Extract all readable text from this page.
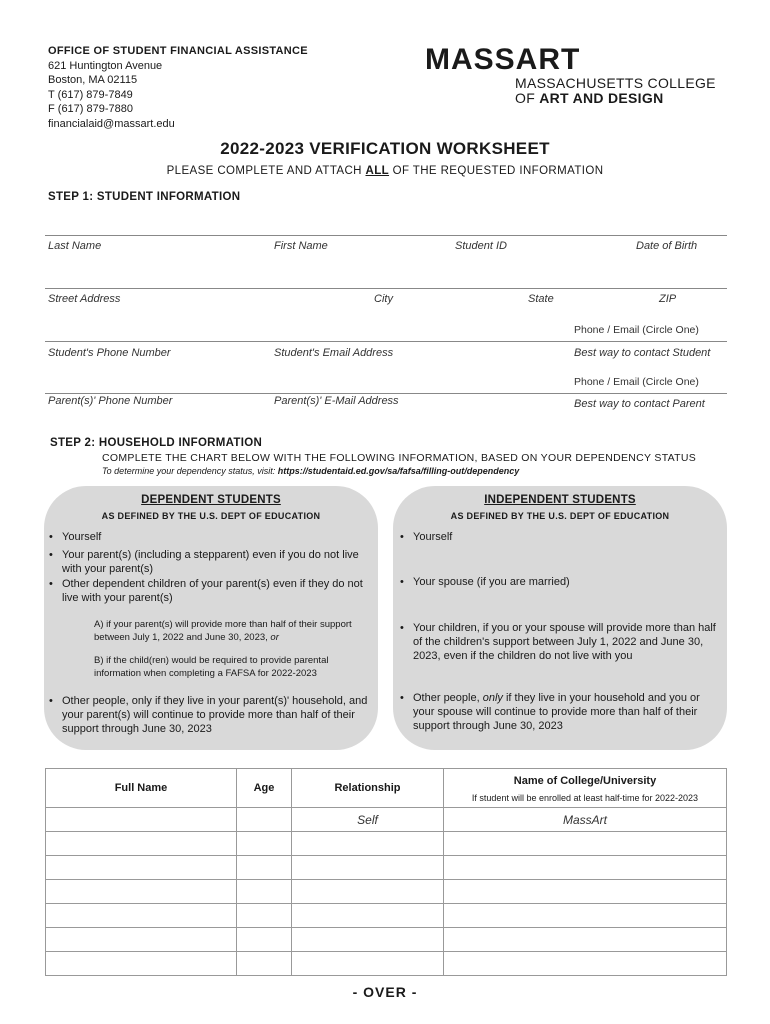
OFFICE OF STUDENT FINANCIAL ASSISTANCE
621 Huntington Avenue
Boston, MA 02115
T (617) 879-7849
F (617) 879-7880
financialaid@massart.edu
MASSART
MASSACHUSETTS COLLEGE
OF ART AND DESIGN
2022-2023 VERIFICATION WORKSHEET
PLEASE COMPLETE AND ATTACH ALL OF THE REQUESTED INFORMATION
STEP 1: STUDENT INFORMATION
Last Name	First Name	Student ID	Date of Birth
Street Address	City	State	ZIP
Phone / Email (Circle One)
Student's Phone Number	Student's Email Address	Best way to contact Student
Phone / Email (Circle One)
Parent(s)' Phone Number	Parent(s)' E-Mail Address	Best way to contact Parent
STEP 2: HOUSEHOLD INFORMATION
COMPLETE THE CHART BELOW WITH THE FOLLOWING INFORMATION, BASED ON YOUR DEPENDENCY STATUS
To determine your dependency status, visit: https://studentaid.ed.gov/sa/fafsa/filling-out/dependency
DEPENDENT STUDENTS
AS DEFINED BY THE U.S. DEPT OF EDUCATION
• Yourself
• Your parent(s) (including a stepparent) even if you do not live with your parent(s)
• Other dependent children of your parent(s) even if they do not live with your parent(s)
A) if your parent(s) will provide more than half of their support between July 1, 2022 and June 30, 2023, or
B) if the child(ren) would be required to provide parental information when completing a FAFSA for 2022-2023
• Other people, only if they live in your parent(s)' household, and your parent(s) will continue to provide more than half of their support through June 30, 2023
INDEPENDENT STUDENTS
AS DEFINED BY THE U.S. DEPT OF EDUCATION
• Yourself
• Your spouse (if you are married)
• Your children, if you or your spouse will provide more than half of the children's support between July 1, 2022 and June 30, 2023, even if the children do not live with you
• Other people, only if they live in your household and you or your spouse will continue to provide more than half of their support through June 30, 2023
Full Name	Age	Relationship	Name of College/University
If student will be enrolled at least half-time for 2022-2023

		Self	MassArt

- OVER -
